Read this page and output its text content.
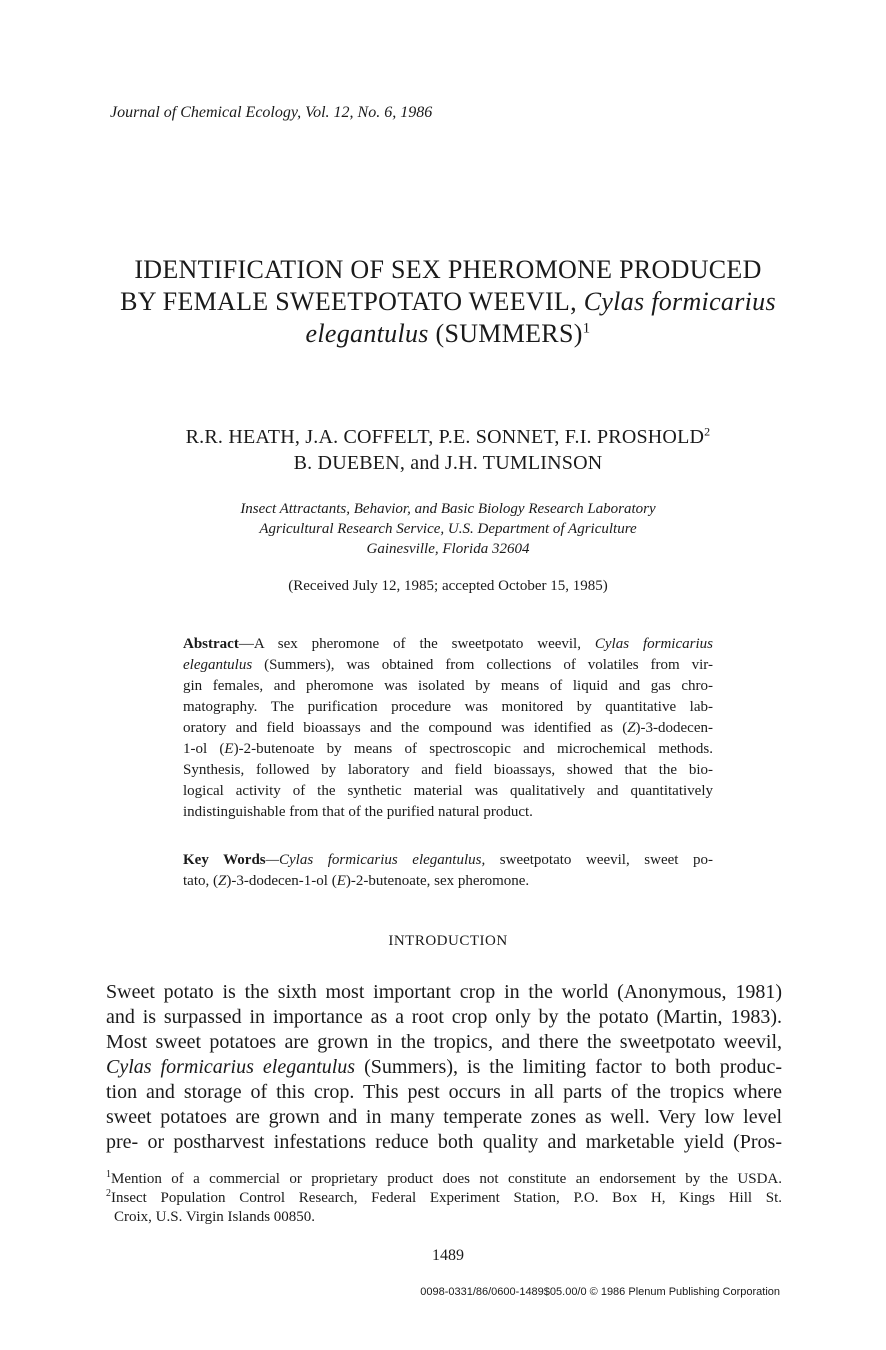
Journal of Chemical Ecology, Vol. 12, No. 6, 1986
IDENTIFICATION OF SEX PHEROMONE PRODUCED
BY FEMALE SWEETPOTATO WEEVIL, Cylas formicarius
elegantulus (SUMMERS)$^1$
R.R. HEATH, J.A. COFFELT, P.E. SONNET, F.I. PROSHOLD$^2$
B. DUEBEN, and J.H. TUMLINSON
Insect Attractants, Behavior, and Basic Biology Research Laboratory
Agricultural Research Service, U.S. Department of Agriculture
Gainesville, Florida 32604
(Received July 12, 1985; accepted October 15, 1985)
Abstract—A sex pheromone of the sweetpotato weevil, Cylas formicarius
elegantulus (Summers), was obtained from collections of volatiles from vir-
gin females, and pheromone was isolated by means of liquid and gas chro-
matography. The purification procedure was monitored by quantitative lab-
oratory and field bioassays and the compound was identified as (Z)-3-dodecen-
1-ol (E)-2-butenoate by means of spectroscopic and microchemical methods.
Synthesis, followed by laboratory and field bioassays, showed that the bio-
logical activity of the synthetic material was qualitatively and quantitatively
indistinguishable from that of the purified natural product.
Key Words—Cylas formicarius elegantulus, sweetpotato weevil, sweet po-
tato, (Z)-3-dodecen-1-ol (E)-2-butenoate, sex pheromone.
INTRODUCTION
Sweet potato is the sixth most important crop in the world (Anonymous, 1981)
and is surpassed in importance as a root crop only by the potato (Martin, 1983).
Most sweet potatoes are grown in the tropics, and there the sweetpotato weevil,
Cylas formicarius elegantulus (Summers), is the limiting factor to both produc-
tion and storage of this crop. This pest occurs in all parts of the tropics where
sweet potatoes are grown and in many temperate zones as well. Very low level
pre- or postharvest infestations reduce both quality and marketable yield (Pros-
$^1$Mention of a commercial or proprietary product does not constitute an endorsement by the USDA.
$^2$Insect Population Control Research, Federal Experiment Station, P.O. Box H, Kings Hill St.
Croix, U.S. Virgin Islands 00850.
1489
0098-0331/86/0600-1489$05.00/0 © 1986 Plenum Publishing Corporation
